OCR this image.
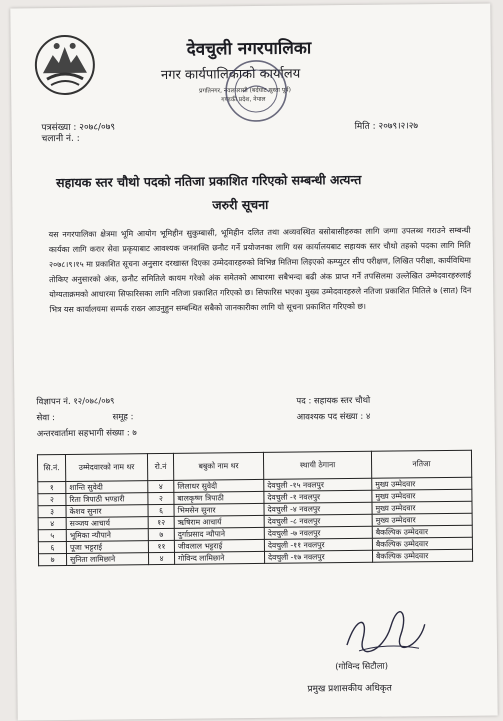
देवचुली नगरपालिका
नगर कार्यपालिकाको कार्यालय
प्रगतिनगर, नवलपरासी (बर्दघाट सुस्ता पूर्व)
गण्डकी प्रदेश, नेपाल
पत्रसंख्या : २०७८/०७९
चलानी नं. :
मिति : २०७९।२।२७
सहायक स्तर चौथो पदको नतिजा प्रकाशित गरिएको सम्बन्धी अत्यन्त
जरुरी सूचना
यस नगरपालिका क्षेत्रमा भूमि आयोग भूमिहीन सुकुम्बासी, भूमिहीन दलित तथा अव्यवस्थित बसोबासीहरुका लागि जग्गा उपलब्ध गराउने सम्बन्धी कार्यका लागि करार सेवा प्रकृयाबाट आवश्यक जनशक्ति छनौट गर्ने प्रयोजनका लागि यस कार्यालयबाट सहायक स्तर चौथो तहको पदका लागि मिति २०७८।९।१५ मा प्रकाशित सूचना अनुसार दरखास्त दिएका उम्मेदवारहरुको विभिन्न मितिमा लिइएको कम्प्युटर सीप परीक्षण, लिखित परीक्षा, कार्यविधिमा तोकिए अनुसारको अंक, छनौट समितिले कायम गरेको अंक समेतको आधारमा सबैभन्दा बढी अंक प्राप्त गर्ने तपसिलमा उल्लेखित उम्मेदवारहरुलाई योग्यताक्रमको आधारमा सिफारिसका लागि नतिजा प्रकाशित गरिएको छ। सिफारिस भएका मुख्य उम्मेदवारहरुले नतिजा प्रकाशित मितिले ७ (सात) दिन भित्र यस कार्यालयमा सम्पर्क राख्न आउनुहुन सम्बन्धित सबैको जानकारीका लागि यो सूचना प्रकाशित गरिएको छ।
विज्ञापन नं. १२/०७८/०७९
सेवा :	समूह :
अन्तरवार्तामा सहभागी संख्या : ७
पद : सहायक स्तर चौथो
आवश्यक पद संख्या : ४
सि.नं.	उम्मेदवारको नाम थर	रो.नं	बबुको नाम थर	स्थायी ठेगाना	नतिजा
१	शान्ति सुवेदी	४	लिलाधर सुवेदी	देवचुली -१५ नवलपुर	मुख्य उम्मेदवार
२	रिता त्रिपाठी भण्डारी	२	बालकृष्ण त्रिपाठी	देवचुली -१ नवलपुर	मुख्य उम्मेदवार
३	केशव सुनार	६	भिमसेन सुनार	देवचुली -४ नवलपुर	मुख्य उम्मेदवार
४	सञ्जय आचार्य	१२	ऋषिराम आचार्य	देवचुली -८ नवलपुर	मुख्य उम्मेदवार
५	भूमिका न्यौपाने	७	दुर्गाप्रसाद न्यौपाने	देवचुली -७ नवलपुर	बैकल्पिक उम्मेदवार
६	पूजा भट्टराई	११	जीवलाल भट्टराई	देवचुली -११ नवलपुर	बैकल्पिक उम्मेदवार
७	सुनिता लामिछाने	४	गोविन्द लामिछाने	देवचुली -१७ नवलपुर	बैकल्पिक उम्मेदवार
(गोविन्द सिटौला)
प्रमुख प्रशासकीय अधिकृत
